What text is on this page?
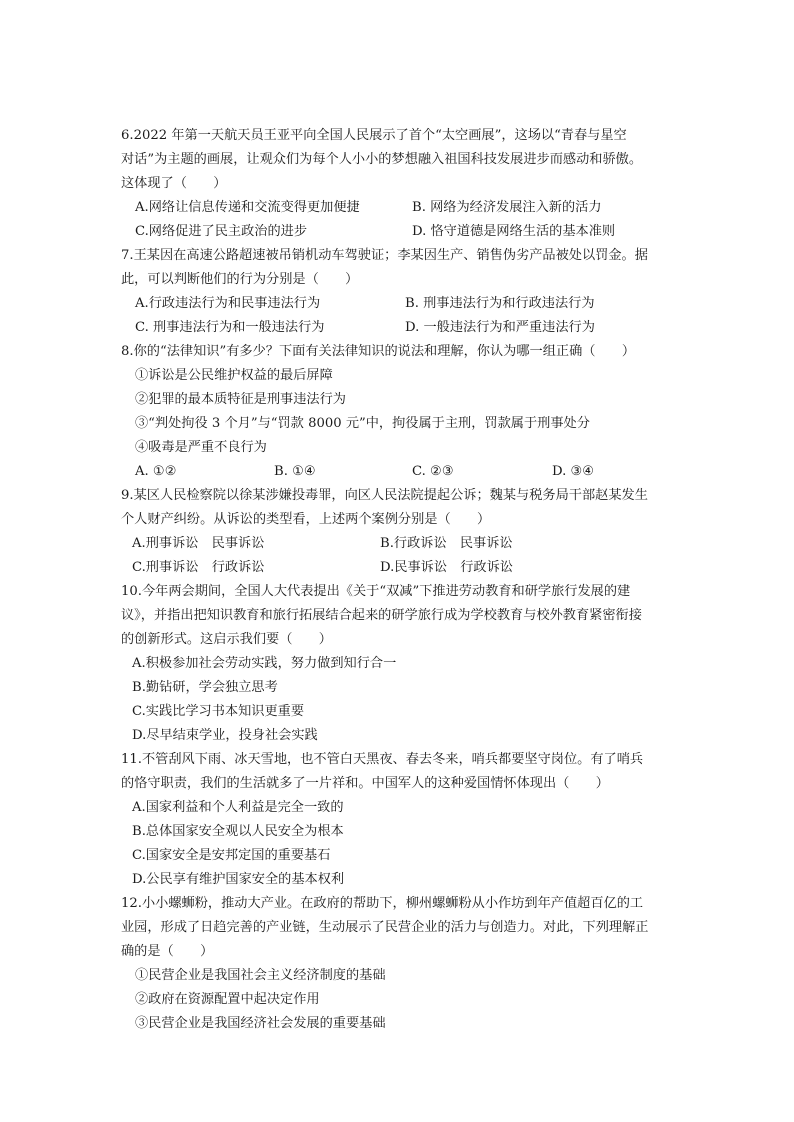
6.2022 年第一天航天员王亚平向全国人民展示了首个“太空画展”，这场以“青春与星空
对话”为主题的画展，让观众们为每个人小小的梦想融入祖国科技发展进步而感动和骄傲。
这体现了（　　）
A.网络让信息传递和交流变得更加便捷	B. 网络为经济发展注入新的活力
C.网络促进了民主政治的进步	D. 恪守道德是网络生活的基本准则
7.王某因在高速公路超速被吊销机动车驾驶证；李某因生产、销售伪劣产品被处以罚金。据
此，可以判断他们的行为分别是（　　）
A.行政违法行为和民事违法行为	B. 刑事违法行为和行政违法行为
C. 刑事违法行为和一般违法行为	D. 一般违法行为和严重违法行为
8.你的“法律知识”有多少？下面有关法律知识的说法和理解，你认为哪一组正确（　　）
①诉讼是公民维护权益的最后屏障
②犯罪的最本质特征是刑事违法行为
③“判处拘役 3 个月”与“罚款 8000 元”中，拘役属于主刑，罚款属于刑事处分
④吸毒是严重不良行为
A. ①②	B. ①④	C. ②③	D. ③④
9.某区人民检察院以徐某涉嫌投毒罪，向区人民法院提起公诉；魏某与税务局干部赵某发生
个人财产纠纷。从诉讼的类型看，上述两个案例分别是（　　）
A.刑事诉讼　民事诉讼	B.行政诉讼　民事诉讼
C.刑事诉讼　行政诉讼	D.民事诉讼　行政诉讼
10.今年两会期间，全国人大代表提出《关于“双减”下推进劳动教育和研学旅行发展的建
议》，并指出把知识教育和旅行拓展结合起来的研学旅行成为学校教育与校外教育紧密衔接
的创新形式。这启示我们要（　　）
A.积极参加社会劳动实践，努力做到知行合一
B.勤钻研，学会独立思考
C.实践比学习书本知识更重要
D.尽早结束学业，投身社会实践
11.不管刮风下雨、冰天雪地，也不管白天黑夜、春去冬来，哨兵都要坚守岗位。有了哨兵
的恪守职责，我们的生活就多了一片祥和。中国军人的这种爱国情怀体现出（　　）
A.国家利益和个人利益是完全一致的
B.总体国家安全观以人民安全为根本
C.国家安全是安邦定国的重要基石
D.公民享有维护国家安全的基本权利
12.小小螺蛳粉，推动大产业。在政府的帮助下，柳州螺蛳粉从小作坊到年产值超百亿的工
业园，形成了日趋完善的产业链，生动展示了民营企业的活力与创造力。对此，下列理解正
确的是（　　）
①民营企业是我国社会主义经济制度的基础
②政府在资源配置中起决定作用
③民营企业是我国经济社会发展的重要基础
